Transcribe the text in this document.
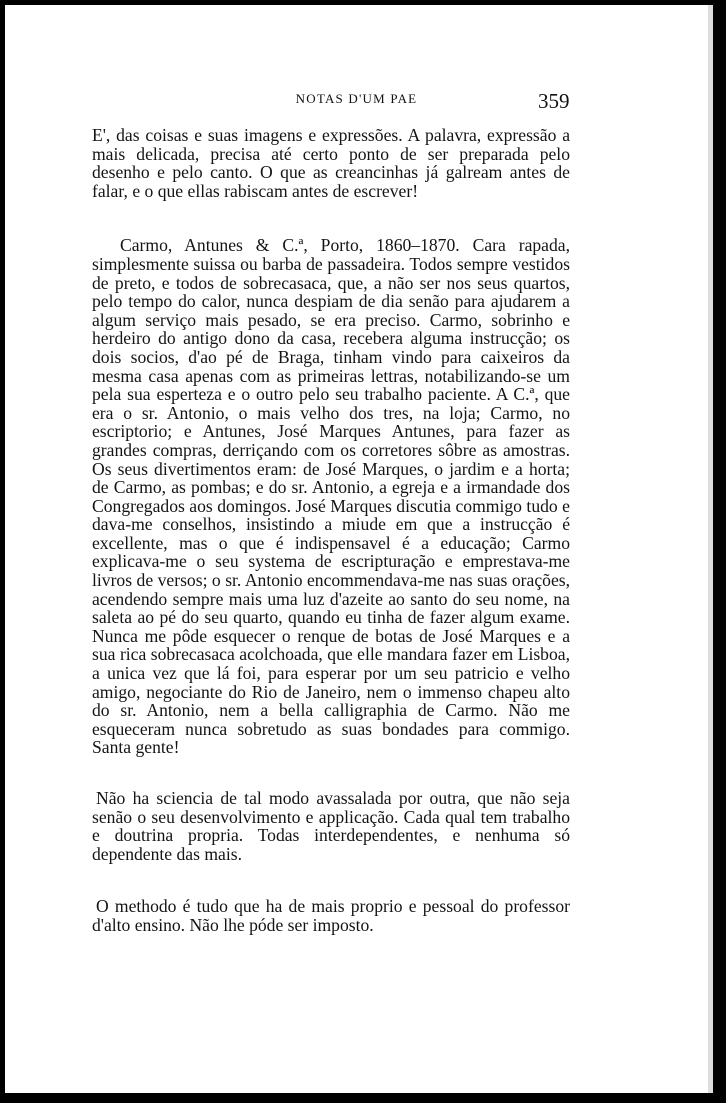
NOTAS D'UM PAE	359

E', das coisas e suas imagens e expressões. A palavra, expressão a mais delicada, precisa até certo ponto de ser preparada pelo desenho e pelo canto. O que as creancinhas já galream antes de falar, e o que ellas rabiscam antes de escrever!

Carmo, Antunes & C.ª, Porto, 1860–1870. Cara rapada, simplesmente suissa ou barba de passadeira. Todos sempre vestidos de preto, e todos de sobrecasaca, que, a não ser nos seus quartos, pelo tempo do calor, nunca despiam de dia senão para ajudarem a algum serviço mais pesado, se era preciso. Carmo, sobrinho e herdeiro do antigo dono da casa, recebera alguma instrucção; os dois socios, d'ao pé de Braga, tinham vindo para caixeiros da mesma casa apenas com as primeiras lettras, notabilizando-se um pela sua esperteza e o outro pelo seu trabalho paciente. A C.ª, que era o sr. Antonio, o mais velho dos tres, na loja; Carmo, no escriptorio; e Antunes, José Marques Antunes, para fazer as grandes compras, derriçando com os corretores sôbre as amostras. Os seus divertimentos eram: de José Marques, o jardim e a horta; de Carmo, as pombas; e do sr. Antonio, a egreja e a irmandade dos Congregados aos domingos. José Marques discutia commigo tudo e dava-me conselhos, insistindo a miude em que a instrucção é excellente, mas o que é indispensavel é a educação; Carmo explicava-me o seu systema de escripturação e emprestava-me livros de versos; o sr. Antonio encommendava-me nas suas orações, acendendo sempre mais uma luz d'azeite ao santo do seu nome, na saleta ao pé do seu quarto, quando eu tinha de fazer algum exame. Nunca me pôde esquecer o renque de botas de José Marques e a sua rica sobrecasaca acolchoada, que elle mandara fazer em Lisboa, a unica vez que lá foi, para esperar por um seu patricio e velho amigo, negociante do Rio de Janeiro, nem o immenso chapeu alto do sr. Antonio, nem a bella calligraphia de Carmo. Não me esqueceram nunca sobretudo as suas bondades para commigo. Santa gente!

Não ha sciencia de tal modo avassalada por outra, que não seja senão o seu desenvolvimento e applicação. Cada qual tem trabalho e doutrina propria. Todas interdependentes, e nenhuma só dependente das mais.

O methodo é tudo que ha de mais proprio e pessoal do professor d'alto ensino. Não lhe póde ser imposto.
